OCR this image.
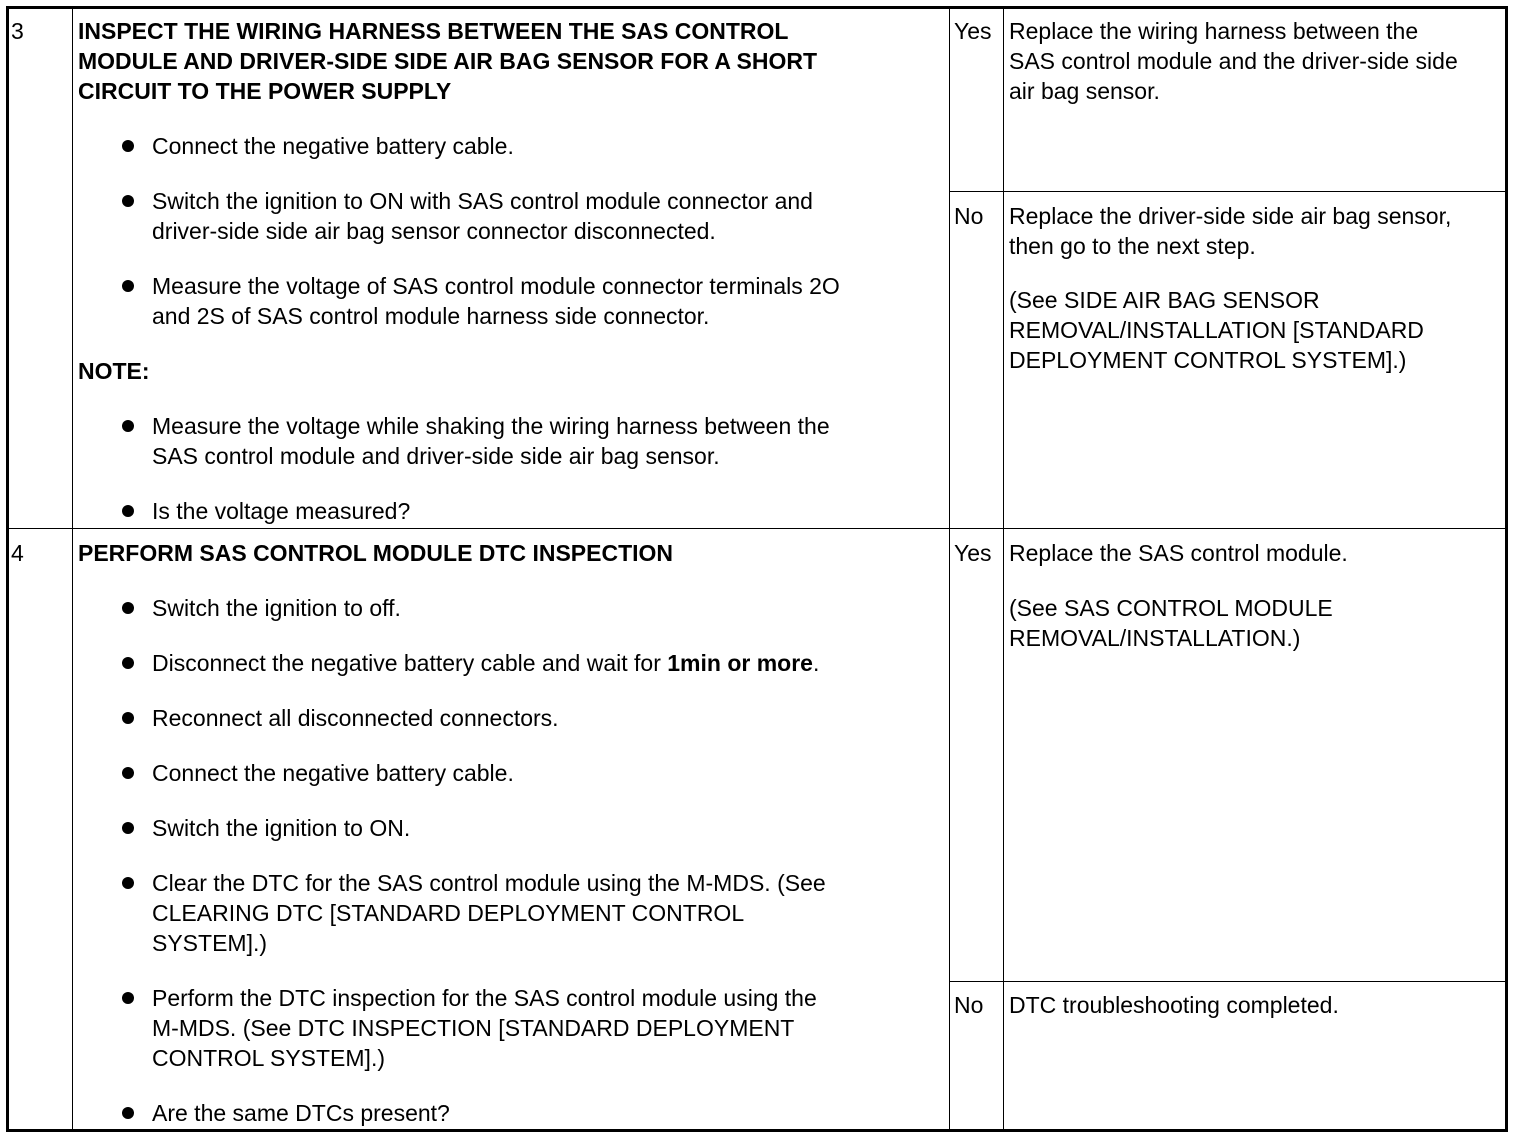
3 INSPECT THE WIRING HARNESS BETWEEN THE SAS CONTROL
MODULE AND DRIVER-SIDE SIDE AIR BAG SENSOR FOR A SHORT
CIRCUIT TO THE POWER SUPPLY
Connect the negative battery cable.
Switch the ignition to ON with SAS control module connector and
driver-side side air bag sensor connector disconnected.
Measure the voltage of SAS control module connector terminals 2O
and 2S of SAS control module harness side connector.
NOTE:
Measure the voltage while shaking the wiring harness between the
SAS control module and driver-side side air bag sensor.
Is the voltage measured?
Yes Replace the wiring harness between the
SAS control module and the driver-side side
air bag sensor.
No Replace the driver-side side air bag sensor,
then go to the next step.
(See SIDE AIR BAG SENSOR
REMOVAL/INSTALLATION [STANDARD
DEPLOYMENT CONTROL SYSTEM].)
4 PERFORM SAS CONTROL MODULE DTC INSPECTION
Switch the ignition to off.
Disconnect the negative battery cable and wait for 1min or more.
Reconnect all disconnected connectors.
Connect the negative battery cable.
Switch the ignition to ON.
Clear the DTC for the SAS control module using the M-MDS. (See
CLEARING DTC [STANDARD DEPLOYMENT CONTROL
SYSTEM].)
Perform the DTC inspection for the SAS control module using the
M-MDS. (See DTC INSPECTION [STANDARD DEPLOYMENT
CONTROL SYSTEM].)
Are the same DTCs present?
Yes Replace the SAS control module.
(See SAS CONTROL MODULE
REMOVAL/INSTALLATION.)
No DTC troubleshooting completed.
